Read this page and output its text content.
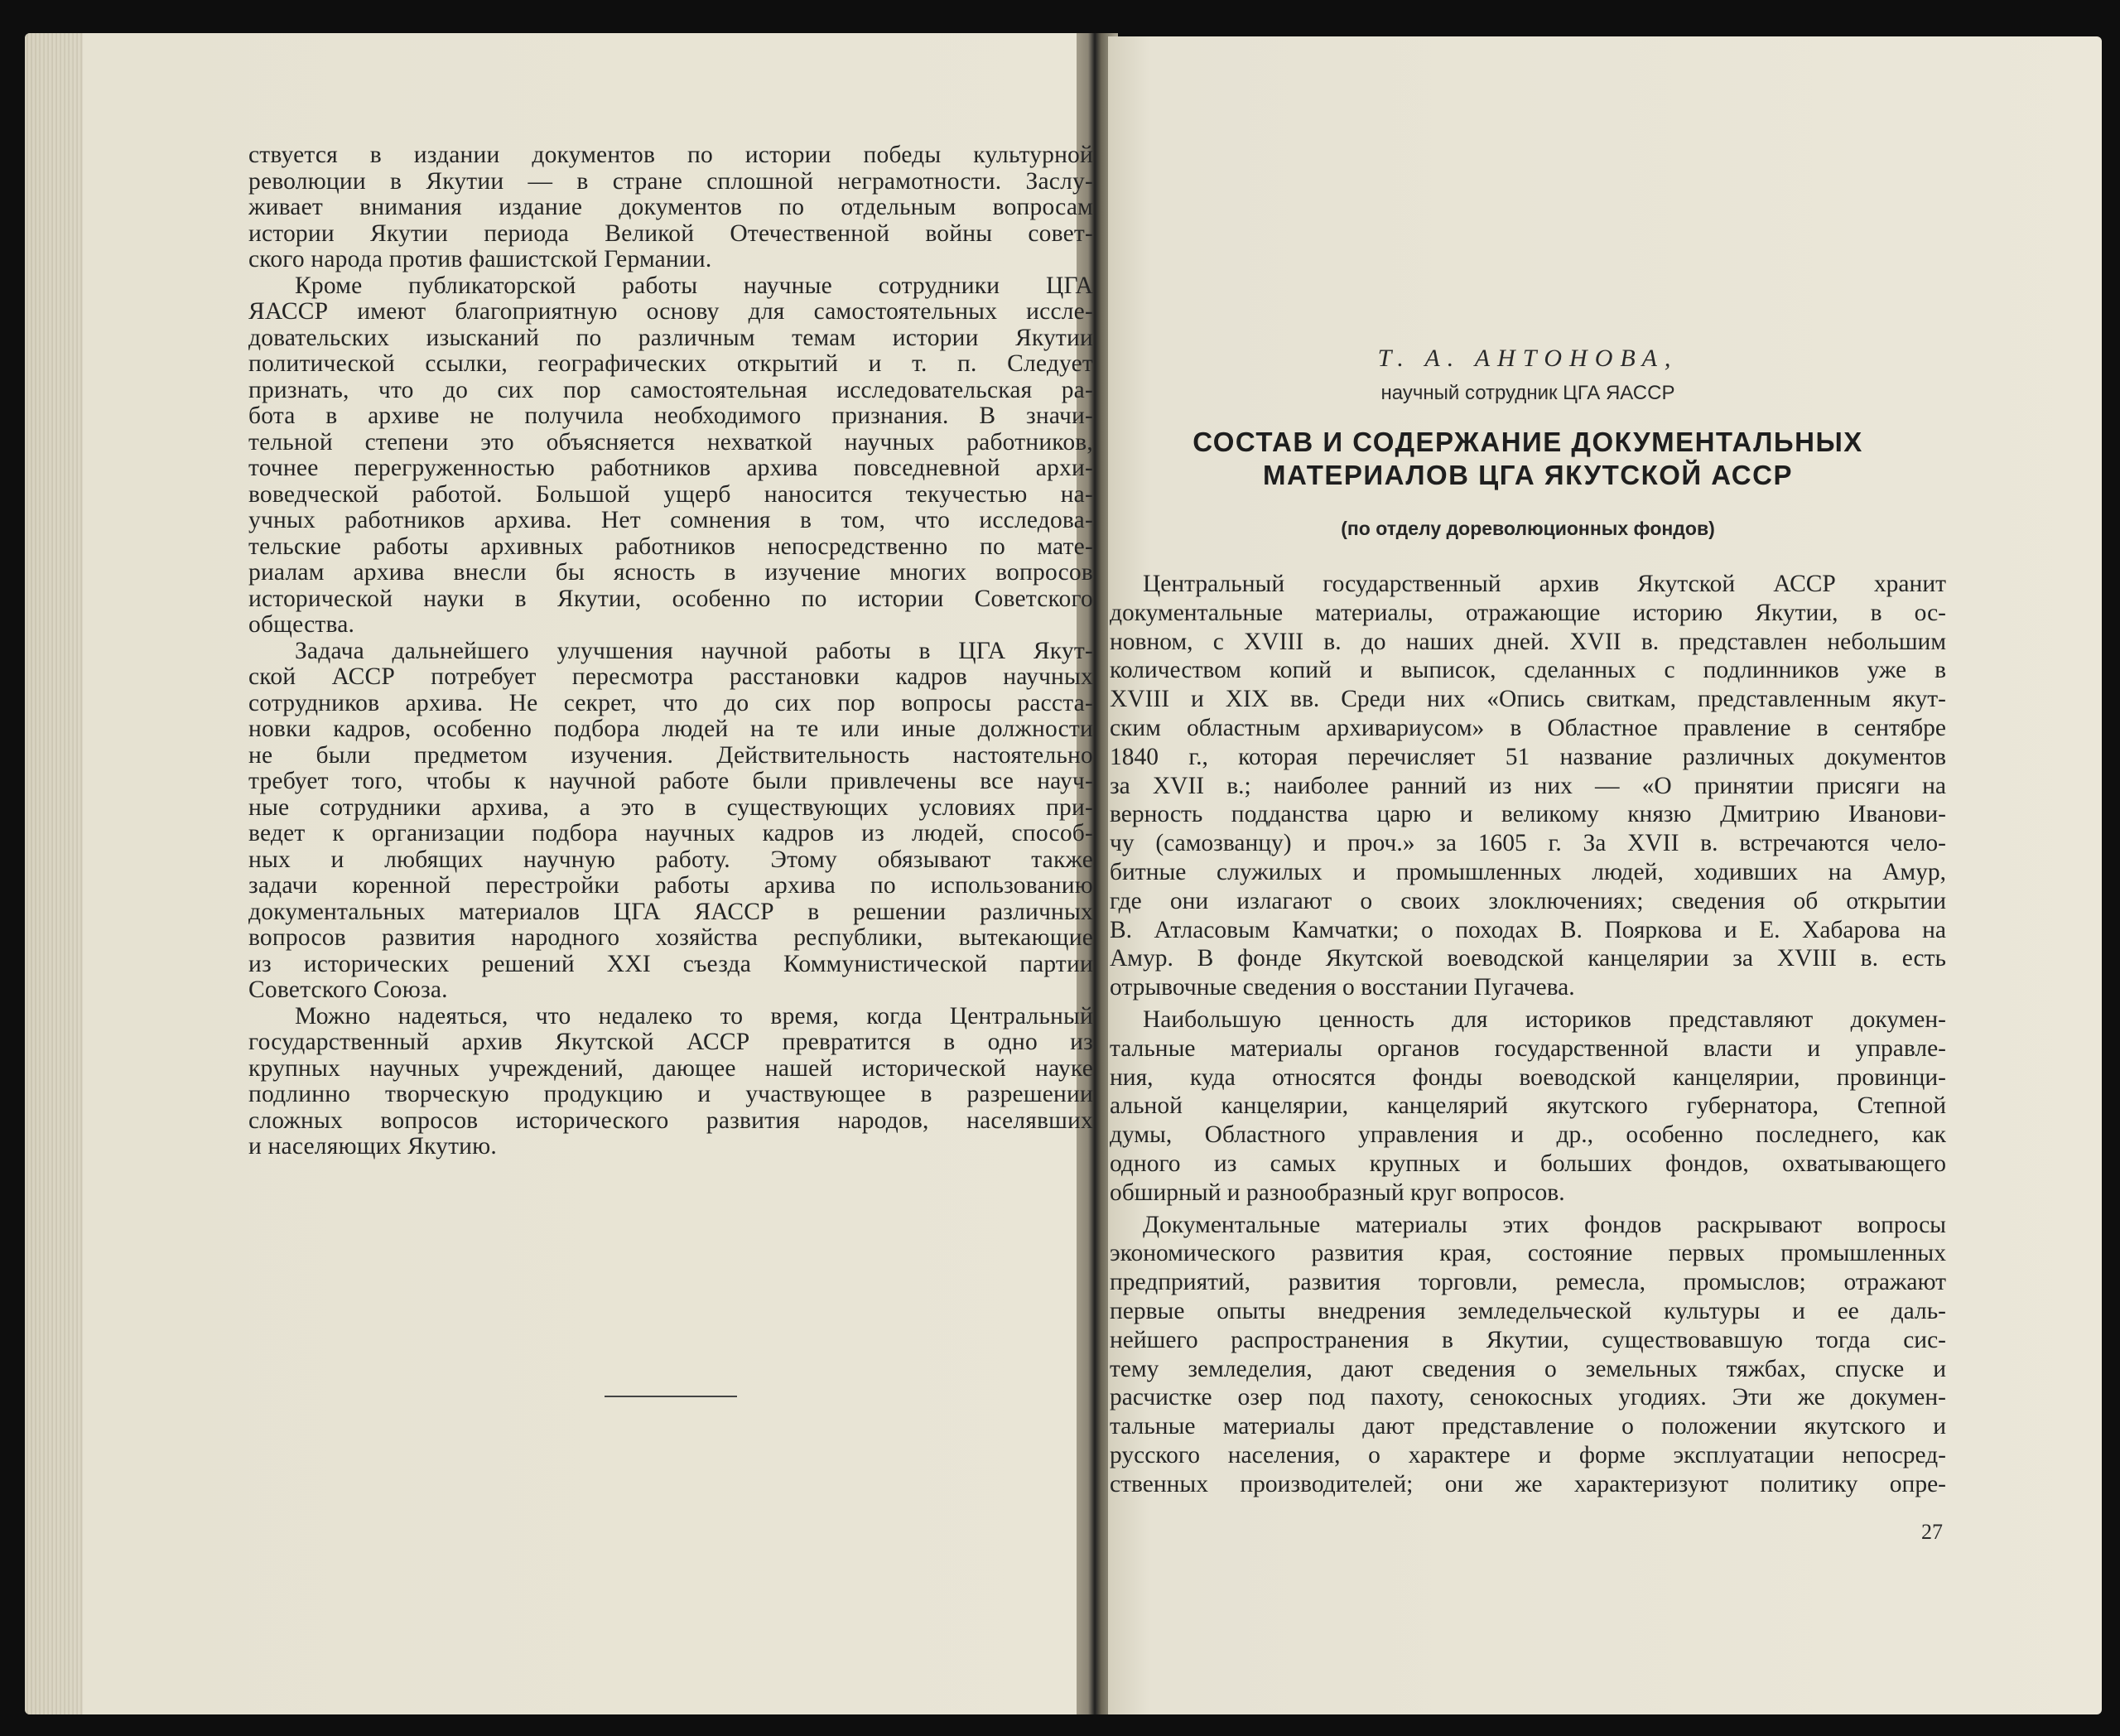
ствуется в издании документов по истории победы культурной
революции в Якутии — в стране сплошной неграмотности. Заслу-
живает внимания издание документов по отдельным вопросам
истории Якутии периода Великой Отечественной войны совет-
ского народа против фашистской Германии.
Кроме публикаторской работы научные сотрудники ЦГА
ЯАССР имеют благоприятную основу для самостоятельных иссле-
довательских изысканий по различным темам истории Якутии
политической ссылки, географических открытий и т. п. Следует
признать, что до сих пор самостоятельная исследовательская ра-
бота в архиве не получила необходимого признания. В значи-
тельной степени это объясняется нехваткой научных работников,
точнее перегруженностью работников архива повседневной архи-
воведческой работой. Большой ущерб наносится текучестью на-
учных работников архива. Нет сомнения в том, что исследова-
тельские работы архивных работников непосредственно по мате-
риалам архива внесли бы ясность в изучение многих вопросов
исторической науки в Якутии, особенно по истории Советского
общества.
Задача дальнейшего улучшения научной работы в ЦГА Якут-
ской АССР потребует пересмотра расстановки кадров научных
сотрудников архива. Не секрет, что до сих пор вопросы расста-
новки кадров, особенно подбора людей на те или иные должности
не были предметом изучения. Действительность настоятельно
требует того, чтобы к научной работе были привлечены все науч-
ные сотрудники архива, а это в существующих условиях при-
ведет к организации подбора научных кадров из людей, способ-
ных и любящих научную работу. Этому обязывают также
задачи коренной перестройки работы архива по использованию
документальных материалов ЦГА ЯАССР в решении различных
вопросов развития народного хозяйства республики, вытекающие
из исторических решений XXI съезда Коммунистической партии
Советского Союза.
Можно надеяться, что недалеко то время, когда Центральный
государственный архив Якутской АССР превратится в одно из
крупных научных учреждений, дающее нашей исторической науке
подлинно творческую продукцию и участвующее в разрешении
сложных вопросов исторического развития народов, населявших
и населяющих Якутию.
Т. А. АНТОНОВА,
научный сотрудник ЦГА ЯАССР
СОСТАВ И СОДЕРЖАНИЕ ДОКУМЕНТАЛЬНЫХ
МАТЕРИАЛОВ ЦГА ЯКУТСКОЙ АССР
(по отделу дореволюционных фондов)
Центральный государственный архив Якутской АССР хранит
документальные материалы, отражающие историю Якутии, в ос-
новном, с XVIII в. до наших дней. XVII в. представлен небольшим
количеством копий и выписок, сделанных с подлинников уже в
XVIII и XIX вв. Среди них «Опись свиткам, представленным якут-
ским областным архивариусом» в Областное правление в сентябре
1840 г., которая перечисляет 51 название различных документов
за XVII в.; наиболее ранний из них — «О принятии присяги на
верность подданства царю и великому князю Дмитрию Иванови-
чу (самозванцу) и проч.» за 1605 г. За XVII в. встречаются чело-
битные служилых и промышленных людей, ходивших на Амур,
где они излагают о своих злоключениях; сведения об открытии
В. Атласовым Камчатки; о походах В. Пояркова и Е. Хабарова на
Амур. В фонде Якутской воеводской канцелярии за XVIII в. есть
отрывочные сведения о восстании Пугачева.
Наибольшую ценность для историков представляют докумен-
тальные материалы органов государственной власти и управле-
ния, куда относятся фонды воеводской канцелярии, провинци-
альной канцелярии, канцелярий якутского губернатора, Степной
думы, Областного управления и др., особенно последнего, как
одного из самых крупных и больших фондов, охватывающего
обширный и разнообразный круг вопросов.
Документальные материалы этих фондов раскрывают вопросы
экономического развития края, состояние первых промышленных
предприятий, развития торговли, ремесла, промыслов; отражают
первые опыты внедрения земледельческой культуры и ее даль-
нейшего распространения в Якутии, существовавшую тогда сис-
тему земледелия, дают сведения о земельных тяжбах, спуске и
расчистке озер под пахоту, сенокосных угодиях. Эти же докумен-
тальные материалы дают представление о положении якутского и
русского населения, о характере и форме эксплуатации непосред-
ственных производителей; они же характеризуют политику опре-
27
